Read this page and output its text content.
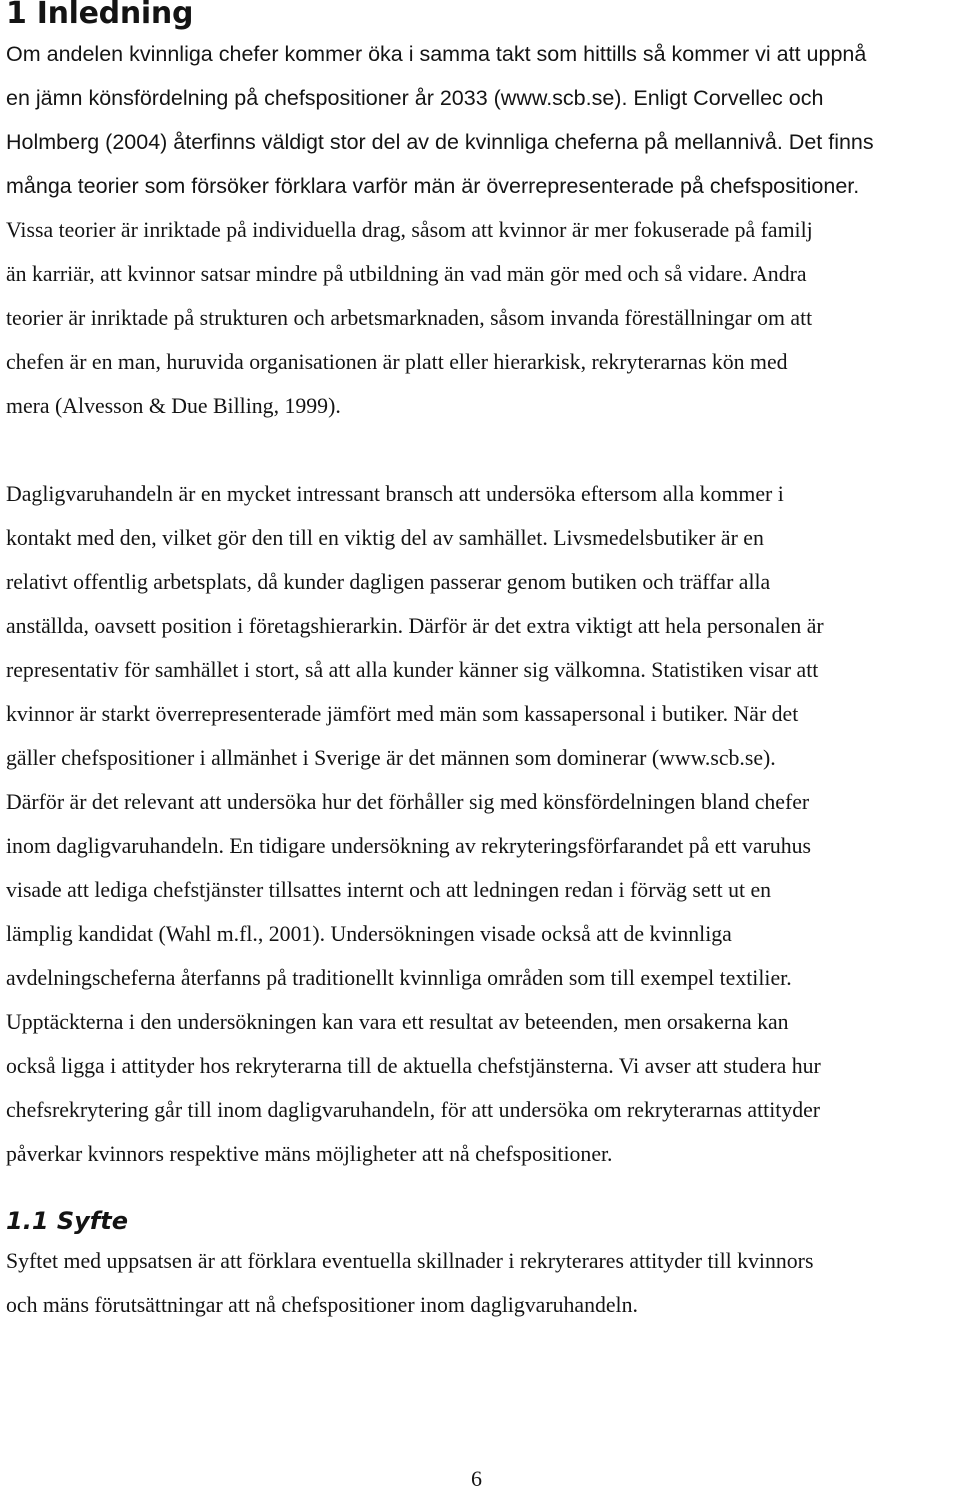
1 Inledning
Om andelen kvinnliga chefer kommer öka i samma takt som hittills så kommer vi att uppnå
en jämn könsfördelning på chefspositioner år 2033 (www.scb.se). Enligt Corvellec och
Holmberg (2004) återfinns väldigt stor del av de kvinnliga cheferna på mellannivå. Det finns
många teorier som försöker förklara varför män är överrepresenterade på chefspositioner.
Vissa teorier är inriktade på individuella drag, såsom att kvinnor är mer fokuserade på familj
än karriär, att kvinnor satsar mindre på utbildning än vad män gör med och så vidare. Andra
teorier är inriktade på strukturen och arbetsmarknaden, såsom invanda föreställningar om att
chefen är en man, huruvida organisationen är platt eller hierarkisk, rekryterarnas kön med
mera (Alvesson & Due Billing, 1999).
Dagligvaruhandeln är en mycket intressant bransch att undersöka eftersom alla kommer i
kontakt med den, vilket gör den till en viktig del av samhället. Livsmedelsbutiker är en
relativt offentlig arbetsplats, då kunder dagligen passerar genom butiken och träffar alla
anställda, oavsett position i företagshierarkin. Därför är det extra viktigt att hela personalen är
representativ för samhället i stort, så att alla kunder känner sig välkomna. Statistiken visar att
kvinnor är starkt överrepresenterade jämfört med män som kassapersonal i butiker. När det
gäller chefspositioner i allmänhet i Sverige är det männen som dominerar (www.scb.se).
Därför är det relevant att undersöka hur det förhåller sig med könsfördelningen bland chefer
inom dagligvaruhandeln. En tidigare undersökning av rekryteringsförfarandet på ett varuhus
visade att lediga chefstjänster tillsattes internt och att ledningen redan i förväg sett ut en
lämplig kandidat (Wahl m.fl., 2001). Undersökningen visade också att de kvinnliga
avdelningscheferna återfanns på traditionellt kvinnliga områden som till exempel textilier.
Upptäckterna i den undersökningen kan vara ett resultat av beteenden, men orsakerna kan
också ligga i attityder hos rekryterarna till de aktuella chefstjänsterna. Vi avser att studera hur
chefsrekrytering går till inom dagligvaruhandeln, för att undersöka om rekryterarnas attityder
påverkar kvinnors respektive mäns möjligheter att nå chefspositioner.
1.1 Syfte
Syftet med uppsatsen är att förklara eventuella skillnader i rekryterares attityder till kvinnors
och mäns förutsättningar att nå chefspositioner inom dagligvaruhandeln.
6
